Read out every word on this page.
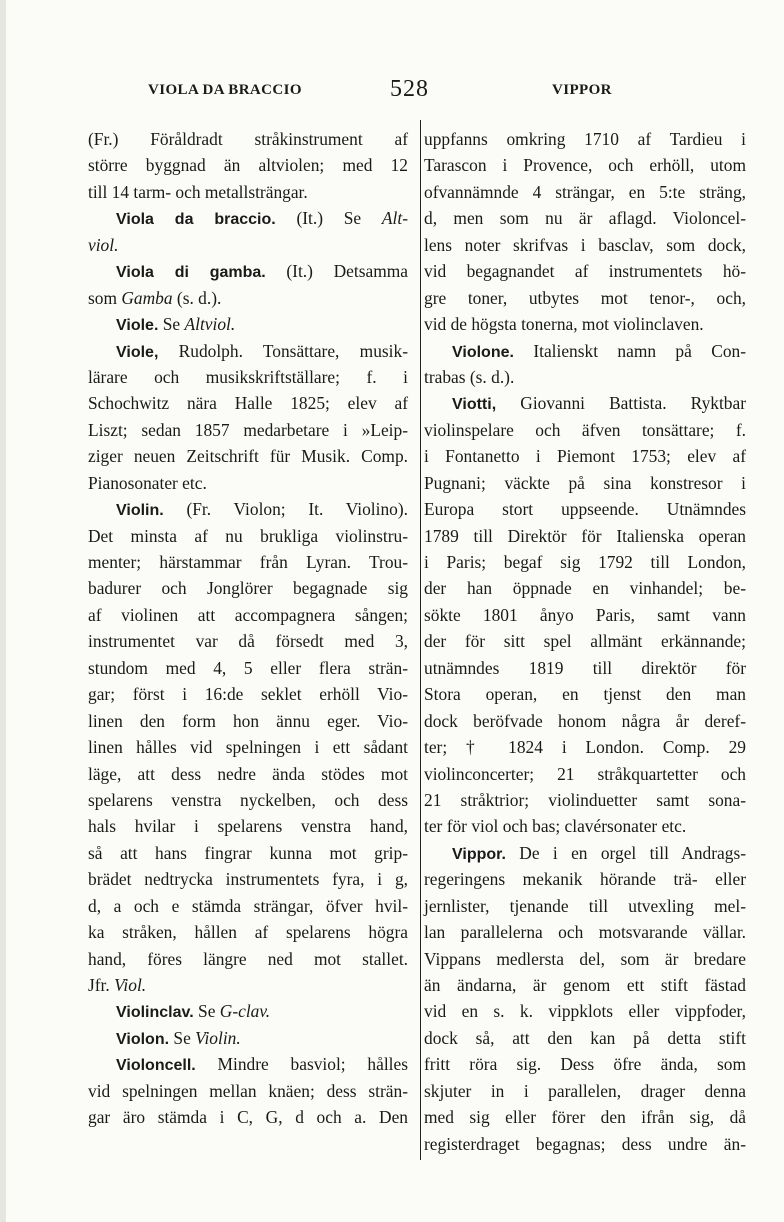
VIOLA DA BRACCIO	528	VIPPOR
(Fr.) Föråldradt stråkinstrument af
större byggnad än altviolen; med 12
till 14 tarm- och metallsträngar.
Viola da braccio. (It.) Se Alt-
viol.
Viola di gamba. (It.) Detsamma
som Gamba (s. d.).
Viole. Se Altviol.
Viole, Rudolph. Tonsättare, musik-
lärare och musikskriftställare; f. i
Schochwitz nära Halle 1825; elev af
Liszt; sedan 1857 medarbetare i »Leip-
ziger neuen Zeitschrift für Musik. Comp.
Pianosonater etc.
Violin. (Fr. Violon; It. Violino).
Det minsta af nu brukliga violinstru-
menter; härstammar från Lyran. Trou-
badurer och Jonglörer begagnade sig
af violinen att accompagnera sången;
instrumentet var då försedt med 3,
stundom med 4, 5 eller flera strän-
gar; först i 16:de seklet erhöll Vio-
linen den form hon ännu eger. Vio-
linen hålles vid spelningen i ett sådant
läge, att dess nedre ända stödes mot
spelarens venstra nyckelben, och dess
hals hvilar i spelarens venstra hand,
så att hans fingrar kunna mot grip-
brädet nedtrycka instrumentets fyra, i g,
d, a och e stämda strängar, öfver hvil-
ka stråken, hållen af spelarens högra
hand, föres längre ned mot stallet.
Jfr. Viol.
Violinclav. Se G-clav.
Violon. Se Violin.
Violoncell. Mindre basviol; hålles
vid spelningen mellan knäen; dess strän-
gar äro stämda i C, G, d och a. Den
uppfanns omkring 1710 af Tardieu i
Tarascon i Provence, och erhöll, utom
ofvannämnde 4 strängar, en 5:te sträng,
d, men som nu är aflagd. Violoncel-
lens noter skrifvas i basclav, som dock,
vid begagnandet af instrumentets hö-
gre toner, utbytes mot tenor-, och,
vid de högsta tonerna, mot violinclaven.
Violone. Italienskt namn på Con-
trabas (s. d.).
Viotti, Giovanni Battista. Ryktbar
violinspelare och äfven tonsättare; f.
i Fontanetto i Piemont 1753; elev af
Pugnani; väckte på sina konstresor i
Europa stort uppseende. Utnämndes
1789 till Direktör för Italienska operan
i Paris; begaf sig 1792 till London,
der han öppnade en vinhandel; be-
sökte 1801 ånyo Paris, samt vann
der för sitt spel allmänt erkännande;
utnämndes 1819 till direktör för
Stora operan, en tjenst den man
dock beröfvade honom några år deref-
ter; † 1824 i London. Comp. 29
violinconcerter; 21 stråkquartetter och
21 stråktrior; violinduetter samt sona-
ter för viol och bas; clavérsonater etc.
Vippor. De i en orgel till Andrags-
regeringens mekanik hörande trä- eller
jernlister, tjenande till utvexling mel-
lan parallelerna och motsvarande vällar.
Vippans medlersta del, som är bredare
än ändarna, är genom ett stift fästad
vid en s. k. vippklots eller vippfoder,
dock så, att den kan på detta stift
fritt röra sig. Dess öfre ända, som
skjuter in i parallelen, drager denna
med sig eller förer den ifrån sig, då
registerdraget begagnas; dess undre än-
